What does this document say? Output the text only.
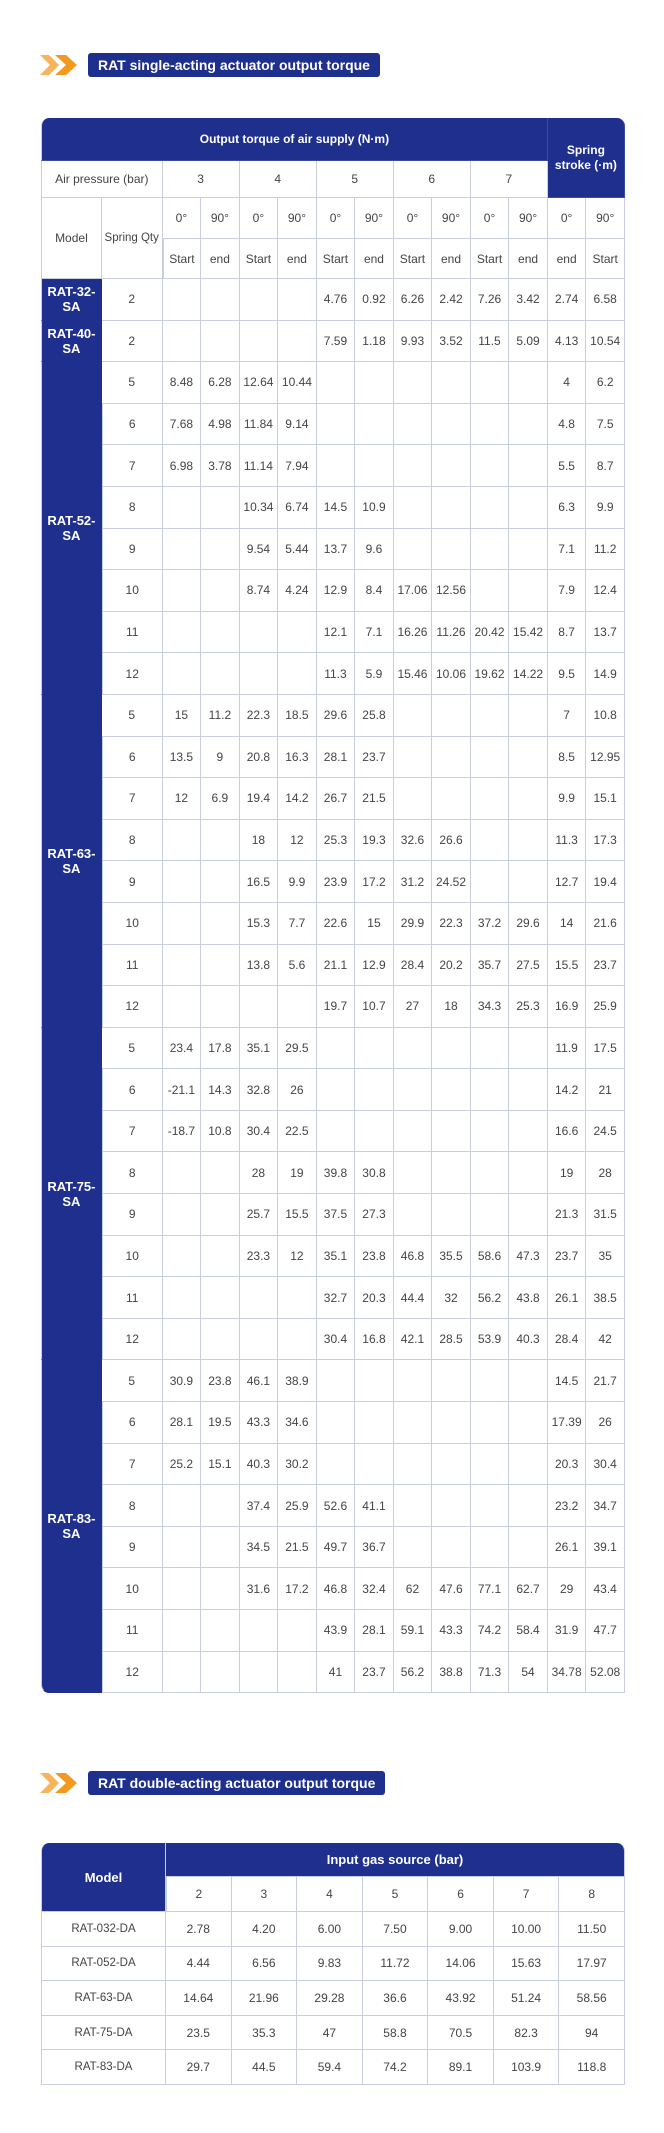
RAT single-acting actuator output torque
Output torque of air supply (N·m)												Spring stroke (·m)	
Air pressure (bar)		3		4		5		6		7			
Model	Spring Qty	0°	90°	0°	90°	0°	90°	0°	90°	0°	90°	0°	90°
		Start	end	Start	end	Start	end	Start	end	Start	end	end	Start
RAT-32-SA	2					4.76	0.92	6.26	2.42	7.26	3.42	2.74	6.58
RAT-40-SA	2					7.59	1.18	9.93	3.52	11.5	5.09	4.13	10.54
RAT-52-SA	5	8.48	6.28	12.64	10.44							4	6.2
	6	7.68	4.98	11.84	9.14							4.8	7.5
	7	6.98	3.78	11.14	7.94							5.5	8.7
	8			10.34	6.74	14.5	10.9					6.3	9.9
	9			9.54	5.44	13.7	9.6					7.1	11.2
	10			8.74	4.24	12.9	8.4	17.06	12.56			7.9	12.4
	11					12.1	7.1	16.26	11.26	20.42	15.42	8.7	13.7
	12					11.3	5.9	15.46	10.06	19.62	14.22	9.5	14.9
RAT-63-SA	5	15	11.2	22.3	18.5	29.6	25.8					7	10.8
	6	13.5	9	20.8	16.3	28.1	23.7					8.5	12.95
	7	12	6.9	19.4	14.2	26.7	21.5					9.9	15.1
	8			18	12	25.3	19.3	32.6	26.6			11.3	17.3
	9			16.5	9.9	23.9	17.2	31.2	24.52			12.7	19.4
	10			15.3	7.7	22.6	15	29.9	22.3	37.2	29.6	14	21.6
	11			13.8	5.6	21.1	12.9	28.4	20.2	35.7	27.5	15.5	23.7
	12					19.7	10.7	27	18	34.3	25.3	16.9	25.9
RAT-75-SA	5	23.4	17.8	35.1	29.5							11.9	17.5
	6	-21.1	14.3	32.8	26							14.2	21
	7	-18.7	10.8	30.4	22.5							16.6	24.5
	8			28	19	39.8	30.8					19	28
	9			25.7	15.5	37.5	27.3					21.3	31.5
	10			23.3	12	35.1	23.8	46.8	35.5	58.6	47.3	23.7	35
	11					32.7	20.3	44.4	32	56.2	43.8	26.1	38.5
	12					30.4	16.8	42.1	28.5	53.9	40.3	28.4	42
RAT-83-SA	5	30.9	23.8	46.1	38.9							14.5	21.7
	6	28.1	19.5	43.3	34.6							17.39	26
	7	25.2	15.1	40.3	30.2							20.3	30.4
	8			37.4	25.9	52.6	41.1					23.2	34.7
	9			34.5	21.5	49.7	36.7					26.1	39.1
	10			31.6	17.2	46.8	32.4	62	47.6	77.1	62.7	29	43.4
	11					43.9	28.1	59.1	43.3	74.2	58.4	31.9	47.7
	12					41	23.7	56.2	38.8	71.3	54	34.78	52.08
RAT double-acting actuator output torque
Model	Input gas source (bar)						
	2	3	4	5	6	7	8
RAT-032-DA	2.78	4.20	6.00	7.50	9.00	10.00	11.50
RAT-052-DA	4.44	6.56	9.83	11.72	14.06	15.63	17.97
RAT-63-DA	14.64	21.96	29.28	36.6	43.92	51.24	58.56
RAT-75-DA	23.5	35.3	47	58.8	70.5	82.3	94
RAT-83-DA	29.7	44.5	59.4	74.2	89.1	103.9	118.8
